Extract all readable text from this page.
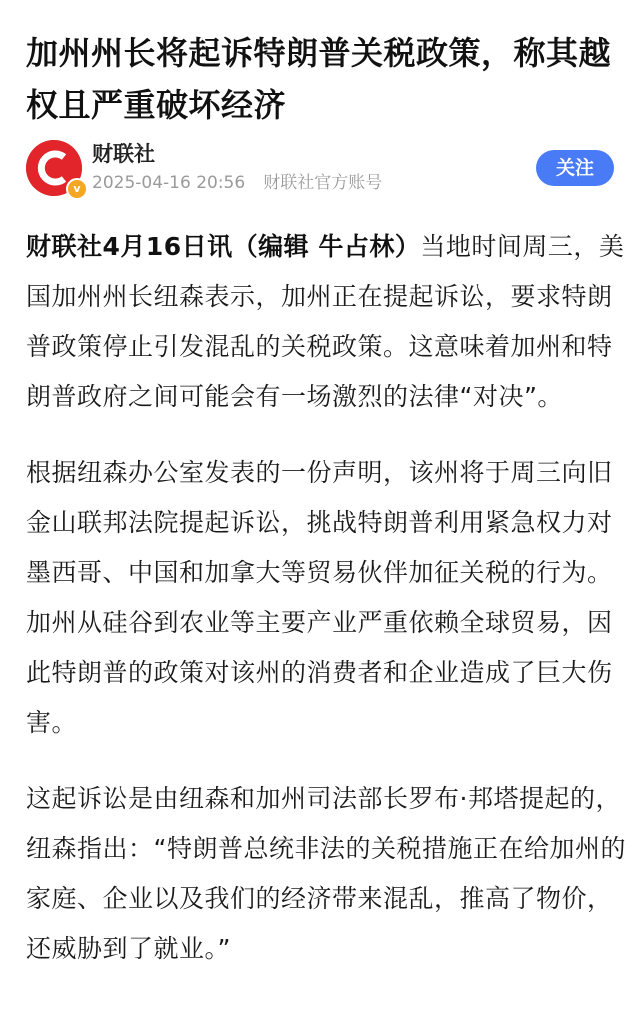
加州州长将起诉特朗普关税政策，称其越权且严重破坏经济
v
财联社
2025-04-16 20:56 财联社官方账号
关注

财联社4月16日讯（编辑 牛占林）当地时间周三，美国加州州长纽森表示，加州正在提起诉讼，要求特朗普政策停止引发混乱的关税政策。这意味着加州和特朗普政府之间可能会有一场激烈的法律“对决”。

根据纽森办公室发表的一份声明，该州将于周三向旧金山联邦法院提起诉讼，挑战特朗普利用紧急权力对墨西哥、中国和加拿大等贸易伙伴加征关税的行为。加州从硅谷到农业等主要产业严重依赖全球贸易，因此特朗普的政策对该州的消费者和企业造成了巨大伤害。

这起诉讼是由纽森和加州司法部长罗布·邦塔提起的，纽森指出：“特朗普总统非法的关税措施正在给加州的家庭、企业以及我们的经济带来混乱，推高了物价，还威胁到了就业。”
